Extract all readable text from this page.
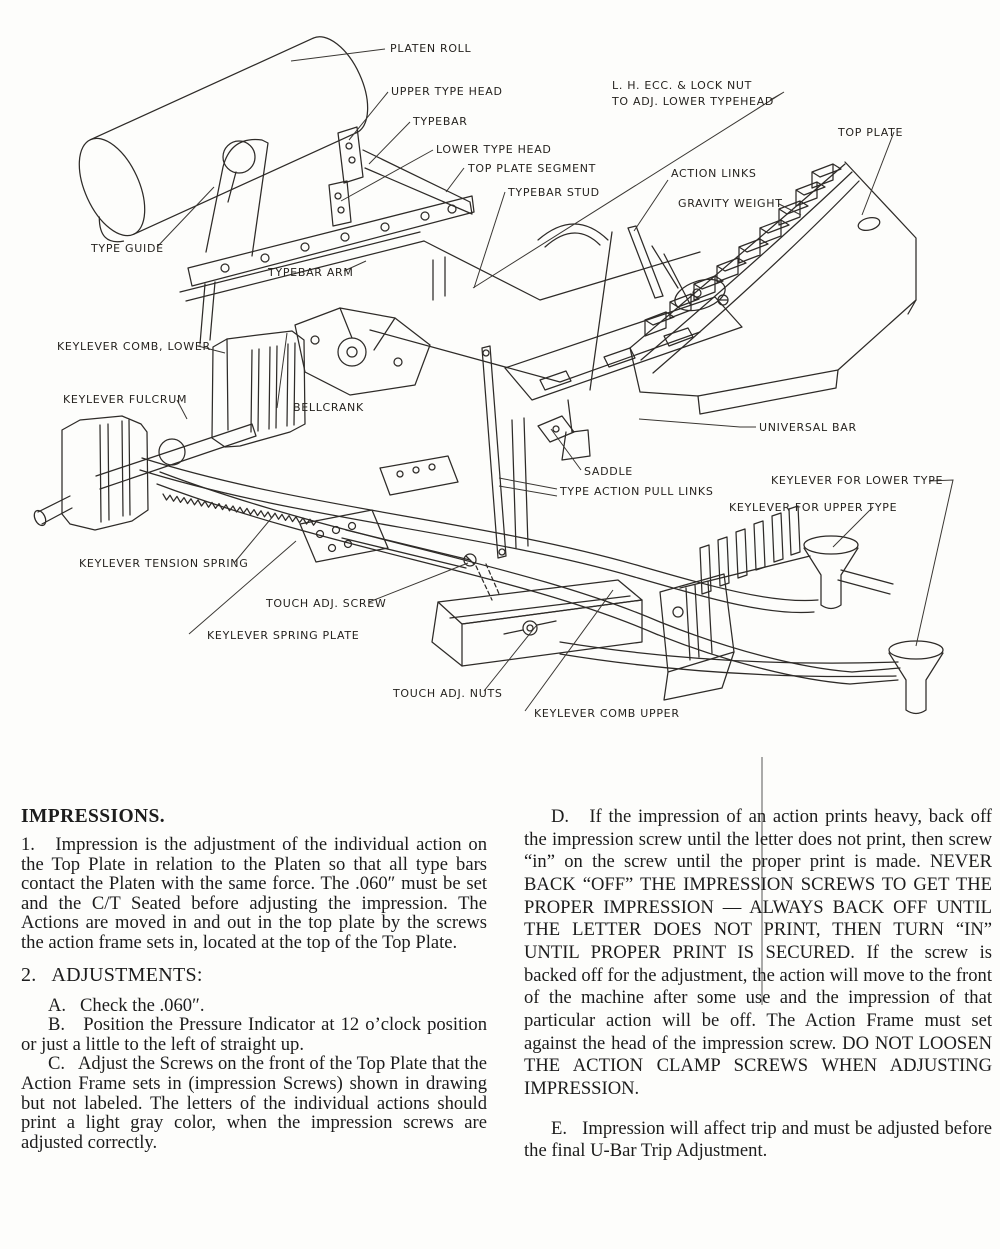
PLATEN ROLL
UPPER TYPE HEAD
TYPEBAR
LOWER TYPE HEAD
TOP PLATE SEGMENT
TYPEBAR STUD
L. H. ECC. & LOCK NUT
TO ADJ. LOWER TYPEHEAD
TOP PLATE
ACTION LINKS
GRAVITY WEIGHT
TYPE GUIDE
TYPEBAR ARM
KEYLEVER COMB, LOWER
KEYLEVER FULCRUM
BELLCRANK
UNIVERSAL BAR
SADDLE
TYPE ACTION PULL LINKS
KEYLEVER FOR LOWER TYPE
KEYLEVER FOR UPPER TYPE
KEYLEVER TENSION SPRING
TOUCH ADJ. SCREW
KEYLEVER SPRING PLATE
TOUCH ADJ. NUTS
KEYLEVER COMB UPPER
IMPRESSIONS.

1.   Impression is the adjustment of the individual action on the Top Plate in relation to the Platen so that all type bars contact the Platen with the same force. The .060″ must be set and the C/T Seated before adjusting the impression. The Actions are moved in and out in the top plate by the screws the action frame sets in, located at the top of the Top Plate.

2.   ADJUSTMENTS:

A.   Check the .060″.

B.   Position the Pressure Indicator at 12 o’clock position or just a little to the left of straight up.

C.   Adjust the Screws on the front of the Top Plate that the Action Frame sets in (impression Screws) shown in drawing but not labeled. The letters of the individual actions should print a light gray color, when the impression screws are adjusted correctly.

D.   If the impression of an action prints heavy, back off the impression screw until the letter does not print, then screw “in” on the screw until the proper print is made. NEVER BACK “OFF” THE IMPRESSION SCREWS TO GET THE PROPER IMPRESSION — ALWAYS BACK OFF UNTIL THE LETTER DOES NOT PRINT, THEN TURN “IN” UNTIL PROPER PRINT IS SECURED. If the screw is backed off for the adjustment, the action will move to the front of the machine after some use and the impression of that particular action will be off. The Action Frame must set against the head of the impression screw. DO NOT LOOSEN THE ACTION CLAMP SCREWS WHEN ADJUSTING IMPRESSION.

E.   Impression will affect trip and must be adjusted before the final U-Bar Trip Adjustment.
